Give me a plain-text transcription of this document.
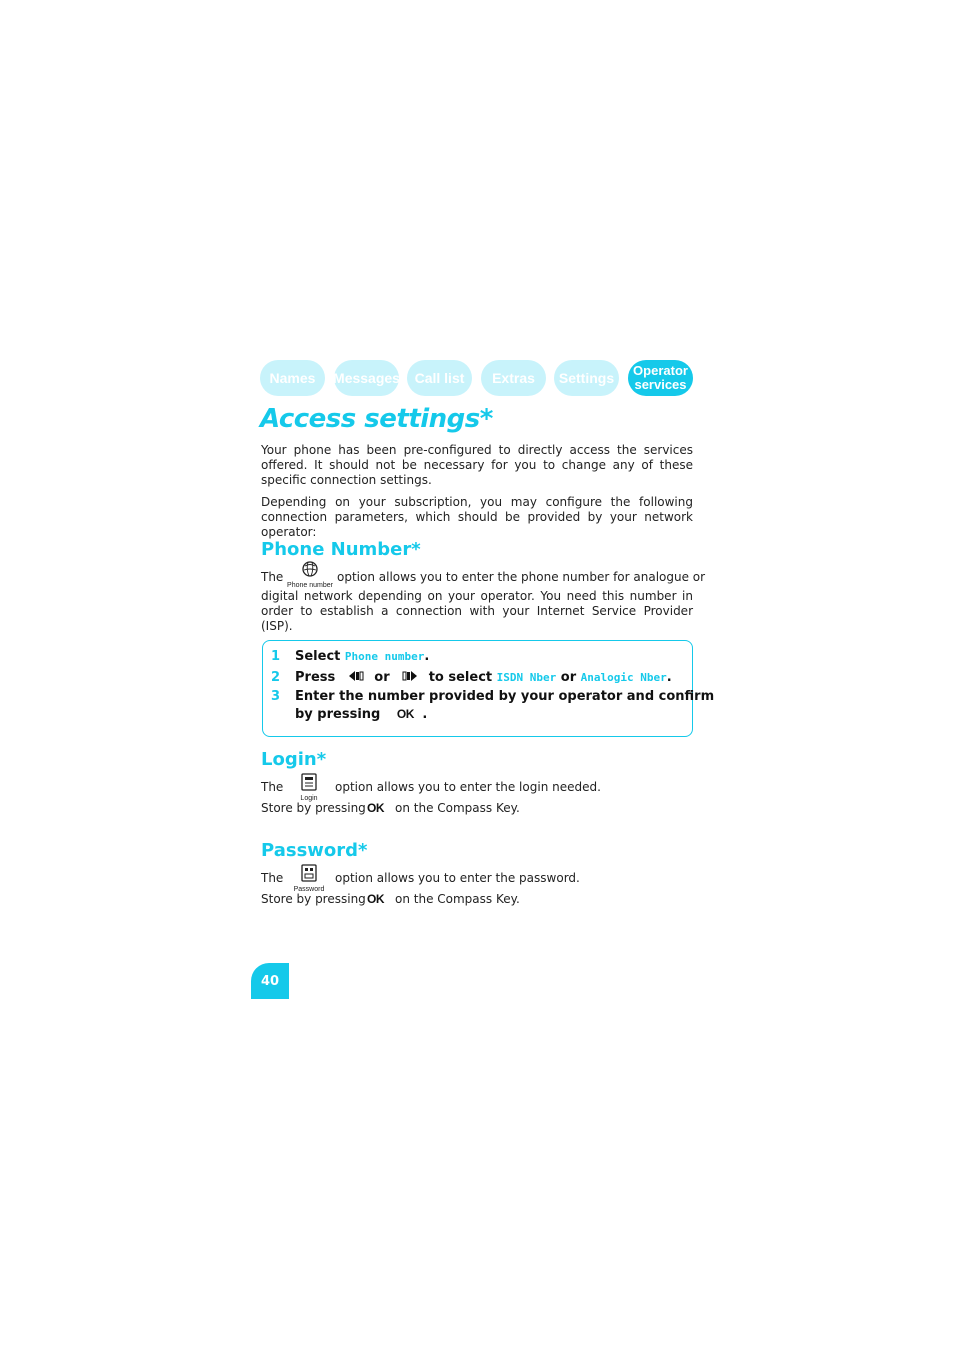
Names Messages Call list Extras Settings Operator
services
Access settings*

Your phone has been pre-configured to directly access the services offered. It should not be necessary for you to change any of these specific connection settings.

Depending on your subscription, you may configure the following connection parameters, which should be provided by your network operator:

Phone Number*
The
Phone number
option allows you to enter the phone number for analogue or

digital network depending on your operator. You need this number in order to establish a connection with your Internet Service Provider (ISP).

1 Select Phone number.
2 Press	or	to select ISDN Nber or Analogic Nber.
3 Enter the number provided by your operator and confirm
by pressing OK .
Login*
The
Login
option allows you to enter the login needed.
Store by pressing OK on the Compass Key.
Password*
The
Password
option allows you to enter the password.
Store by pressing OK on the Compass Key.
40
